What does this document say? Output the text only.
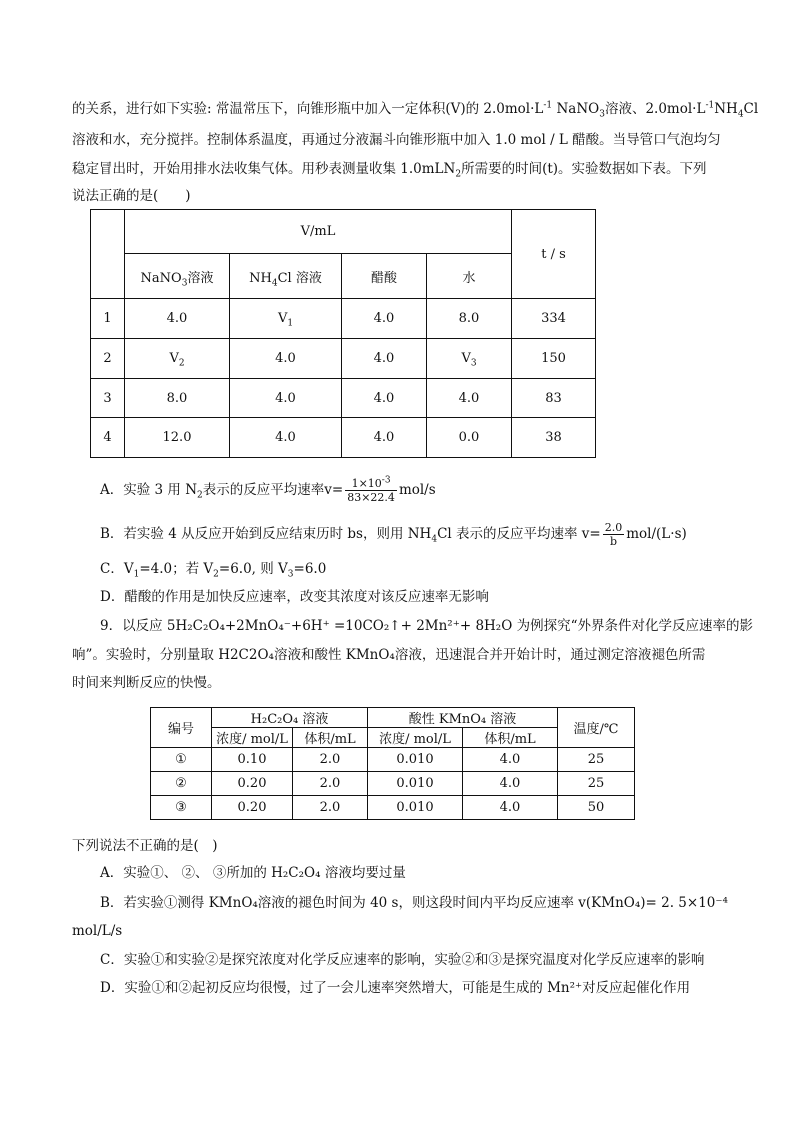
的关系，进行如下实验: 常温常压下，向锥形瓶中加入一定体积(V)的 $2.0mol\cdot L^{-1}$ NaNO$_3$溶液、$2.0mol\cdot L^{-1}NH_4Cl$
溶液和水，充分搅拌。控制体系温度，再通过分液漏斗向锥形瓶中加入 1.0 mol / L 醋酸。当导管口气泡均匀
稳定冒出时，开始用排水法收集气体。用秒表测量收集 1.0mLN$_2$所需要的时间(t)。实验数据如下表。下列
说法正确的是(　　)
	V/mL				t / s
	NaNO$_3$溶液	$NH_4Cl$ 溶液	醋酸	水	
1	4.0	$V_1$	4.0	8.0	334
2	$V_2$	4.0	4.0	$V_3$	150
3	8.0	4.0	4.0	4.0	83
4	12.0	4.0	4.0	0.0	38
A．实验 3 用 $N_2$表示的反应平均速率$v= \frac{1\times 10^{-3}}{83\times 22.4} mol/s$
B．若实验 4 从反应开始到反应结束历时 bs，则用 $NH_4Cl$ 表示的反应平均速率 $v= \frac{2.0}{b} mol/(L\cdot s)$
C．$V_1=4.0$；若 $V_2=6.0$, 则 $V_3=6.0$
D．醋酸的作用是加快反应速率，改变其浓度对该反应速率无影响
9．以反应 5H₂C₂O₄+2MnO₄⁻+6H⁺ =10CO₂↑+ 2Mn²⁺+ 8H₂O 为例探究“外界条件对化学反应速率的影
响”。实验时，分别量取 H2C2O₄溶液和酸性 KMnO₄溶液，迅速混合并开始计时，通过测定溶液褪色所需
时间来判断反应的快慢。
编号	H₂C₂O₄ 溶液		酸性 KMnO₄ 溶液		温度/℃
	浓度/ mol/L	体积/mL	浓度/ mol/L	体积/mL	
①	0.10	2.0	0.010	4.0	25
②	0.20	2.0	0.010	4.0	25
③	0.20	2.0	0.010	4.0	50
下列说法不正确的是(　)
A．实验①、 ②、 ③所加的 H₂C₂O₄ 溶液均要过量
B．若实验①测得 KMnO₄溶液的褪色时间为 40 s，则这段时间内平均反应速率 v(KMnO₄)= 2. 5×10⁻⁴
mol/L/s
C．实验①和实验②是探究浓度对化学反应速率的影响，实验②和③是探究温度对化学反应速率的影响
D．实验①和②起初反应均很慢，过了一会儿速率突然增大，可能是生成的 Mn²⁺对反应起催化作用
